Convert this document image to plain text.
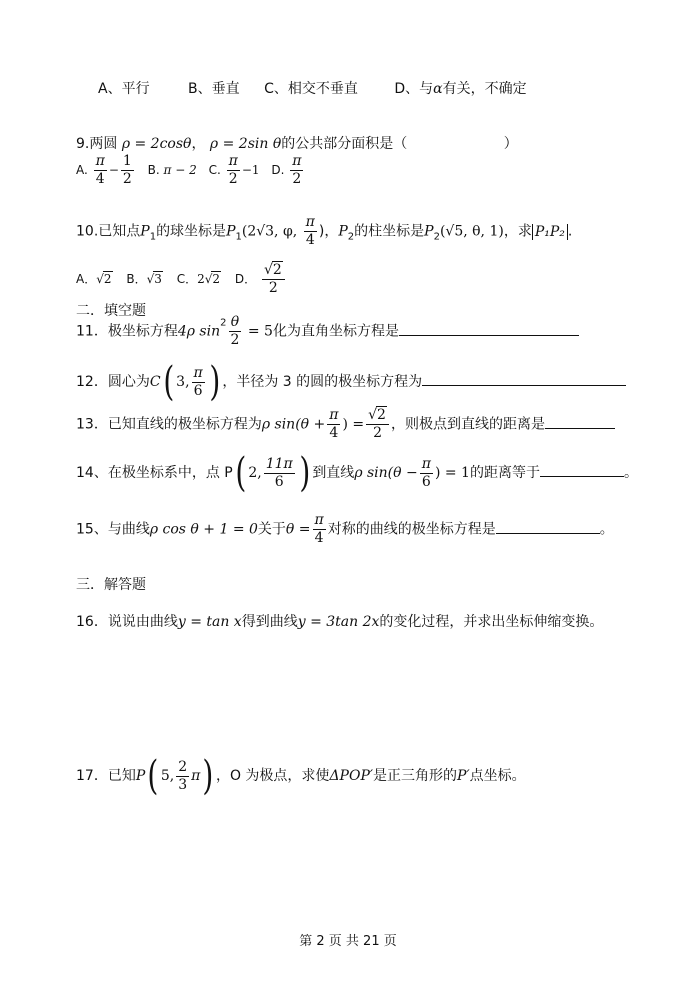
A、平行	B、垂直 C、相交不垂直	D、与α有关，不确定
9.两圆 ρ = 2cosθ， ρ = 2sin θ的公共部分面积是（	）
A. $\frac{\pi}{4} - \frac{1}{2} B$. π − 2 C. $\frac{\pi}{2} -1$ D. $\frac{\pi}{2}$
10.已知点$P_1$的球坐标是$P_1(2√3$, φ, $\frac{\pi}{4}$ )，$P_2$的柱坐标是$P_2(√5$, θ, 1)，求 P₁P₂ .
A．√2 B．√3 C．2√2 D． $\frac{√2}{2}$
二．填空题
11．极坐标方程4ρ $\sin^2 \frac{\theta}{2} = 5$化为直角坐标方程是
12．圆心为C( 3, $\frac{\pi}{6}$ ) ，半径为 3 的圆的极坐标方程为
13．已知直线的极坐标方程为ρ $\sin(\theta + \frac{\pi}{4}$ ) = $\frac{√2}{2}$ ，则极点到直线的距离是
14、在极坐标系中，点 P( 2, $\frac{11\pi}{6}$ ) 到直线ρ $\sin(\theta - \frac{\pi}{6}$ ) = 1的距离等于	。
15、与曲线ρ cos θ + 1 = 0关于$\theta = \frac{\pi}{4}$ 对称的曲线的极坐标方程是	。
三．解答题
16．说说由曲线y = tan x得到曲线y = 3tan 2x的变化过程，并求出坐标伸缩变换。
17．已知P( 5, $\frac{2}{3} \pi$) ，O 为极点，求使ΔPOP′是正三角形的P′点坐标。
第 2 页 共 21 页
